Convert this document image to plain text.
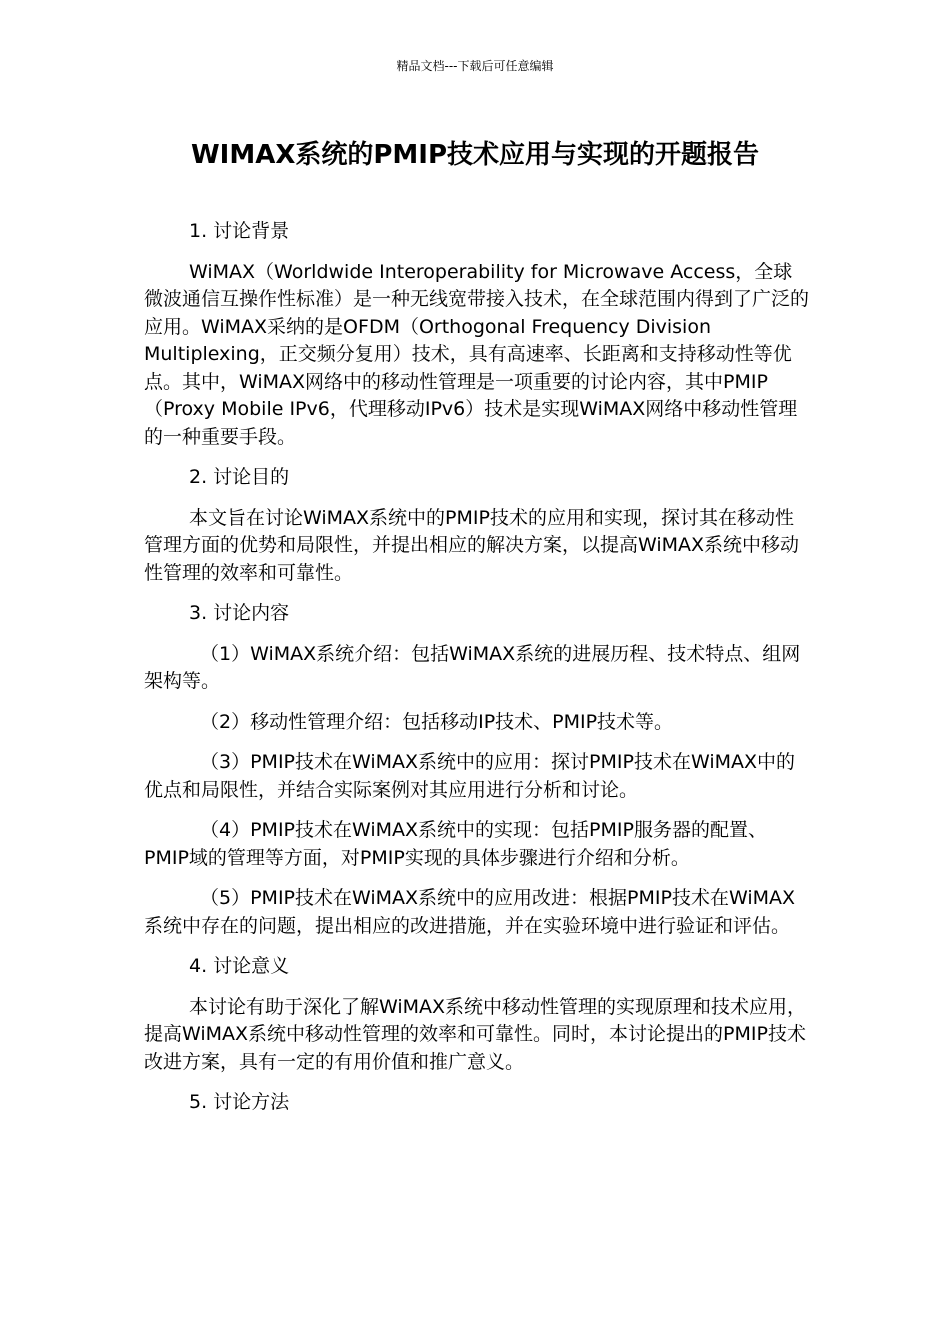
精品文档---下载后可任意编辑
WIMAX系统的PMIP技术应用与实现的开题报告
1. 讨论背景

WiMAX（Worldwide Interoperability for Microwave Access，全球微波通信互操作性标准）是一种无线宽带接入技术，在全球范围内得到了广泛的应用。WiMAX采纳的是OFDM（Orthogonal Frequency Division Multiplexing，正交频分复用）技术，具有高速率、长距离和支持移动性等优点。其中，WiMAX网络中的移动性管理是一项重要的讨论内容，其中PMIP（Proxy Mobile IPv6，代理移动IPv6）技术是实现WiMAX网络中移动性管理的一种重要手段。

2. 讨论目的

本文旨在讨论WiMAX系统中的PMIP技术的应用和实现，探讨其在移动性管理方面的优势和局限性，并提出相应的解决方案，以提高WiMAX系统中移动性管理的效率和可靠性。

3. 讨论内容

（1）WiMAX系统介绍：包括WiMAX系统的进展历程、技术特点、组网架构等。

（2）移动性管理介绍：包括移动IP技术、PMIP技术等。

（3）PMIP技术在WiMAX系统中的应用：探讨PMIP技术在WiMAX中的优点和局限性，并结合实际案例对其应用进行分析和讨论。

（4）PMIP技术在WiMAX系统中的实现：包括PMIP服务器的配置、PMIP域的管理等方面，对PMIP实现的具体步骤进行介绍和分析。

（5）PMIP技术在WiMAX系统中的应用改进：根据PMIP技术在WiMAX系统中存在的问题，提出相应的改进措施，并在实验环境中进行验证和评估。

4. 讨论意义

本讨论有助于深化了解WiMAX系统中移动性管理的实现原理和技术应用，提高WiMAX系统中移动性管理的效率和可靠性。同时，本讨论提出的PMIP技术改进方案，具有一定的有用价值和推广意义。

5. 讨论方法
